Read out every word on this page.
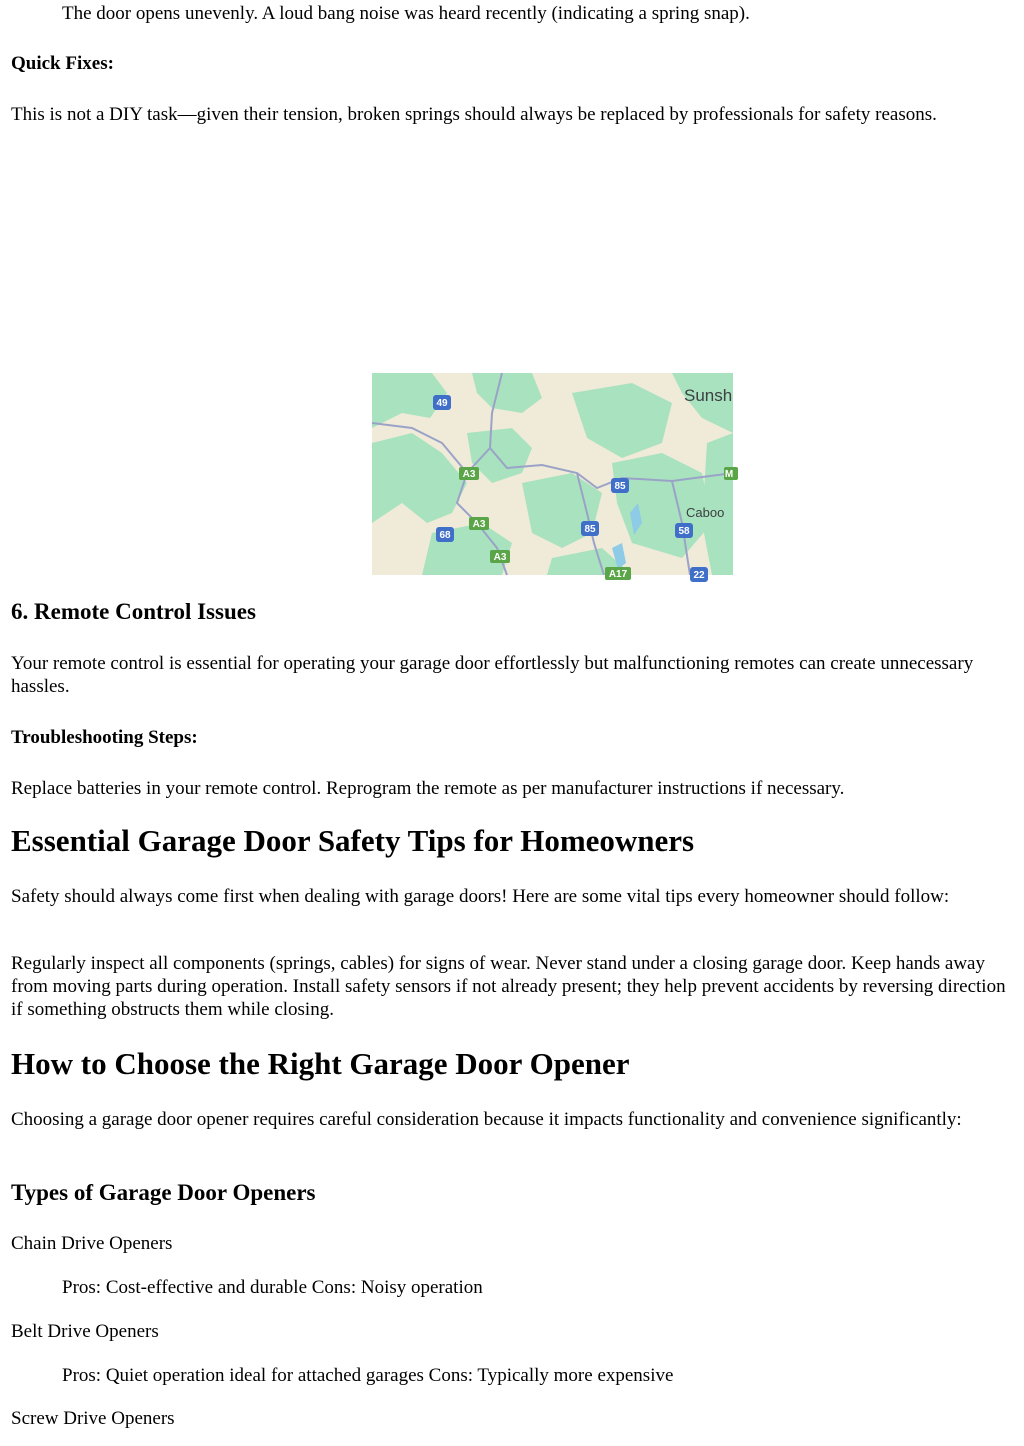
The door opens unevenly. A loud bang noise was heard recently (indicating a spring snap).

Quick Fixes:

This is not a DIY task—given their tension, broken springs should always be replaced by professionals for safety reasons.

49
A3
A3
A3
68
85
85	58
A17	22
M
Sunsh
Caboo

6. Remote Control Issues

Your remote control is essential for operating your garage door effortlessly but malfunctioning remotes can create unnecessary hassles.

Troubleshooting Steps:

Replace batteries in your remote control. Reprogram the remote as per manufacturer instructions if necessary.

Essential Garage Door Safety Tips for Homeowners

Safety should always come first when dealing with garage doors! Here are some vital tips every homeowner should follow:

Regularly inspect all components (springs, cables) for signs of wear. Never stand under a closing garage door. Keep hands away from moving parts during operation. Install safety sensors if not already present; they help prevent accidents by reversing direction if something obstructs them while closing.

How to Choose the Right Garage Door Opener

Choosing a garage door opener requires careful consideration because it impacts functionality and convenience significantly:

Types of Garage Door Openers

Chain Drive Openers

Pros: Cost-effective and durable Cons: Noisy operation

Belt Drive Openers

Pros: Quiet operation ideal for attached garages Cons: Typically more expensive

Screw Drive Openers
